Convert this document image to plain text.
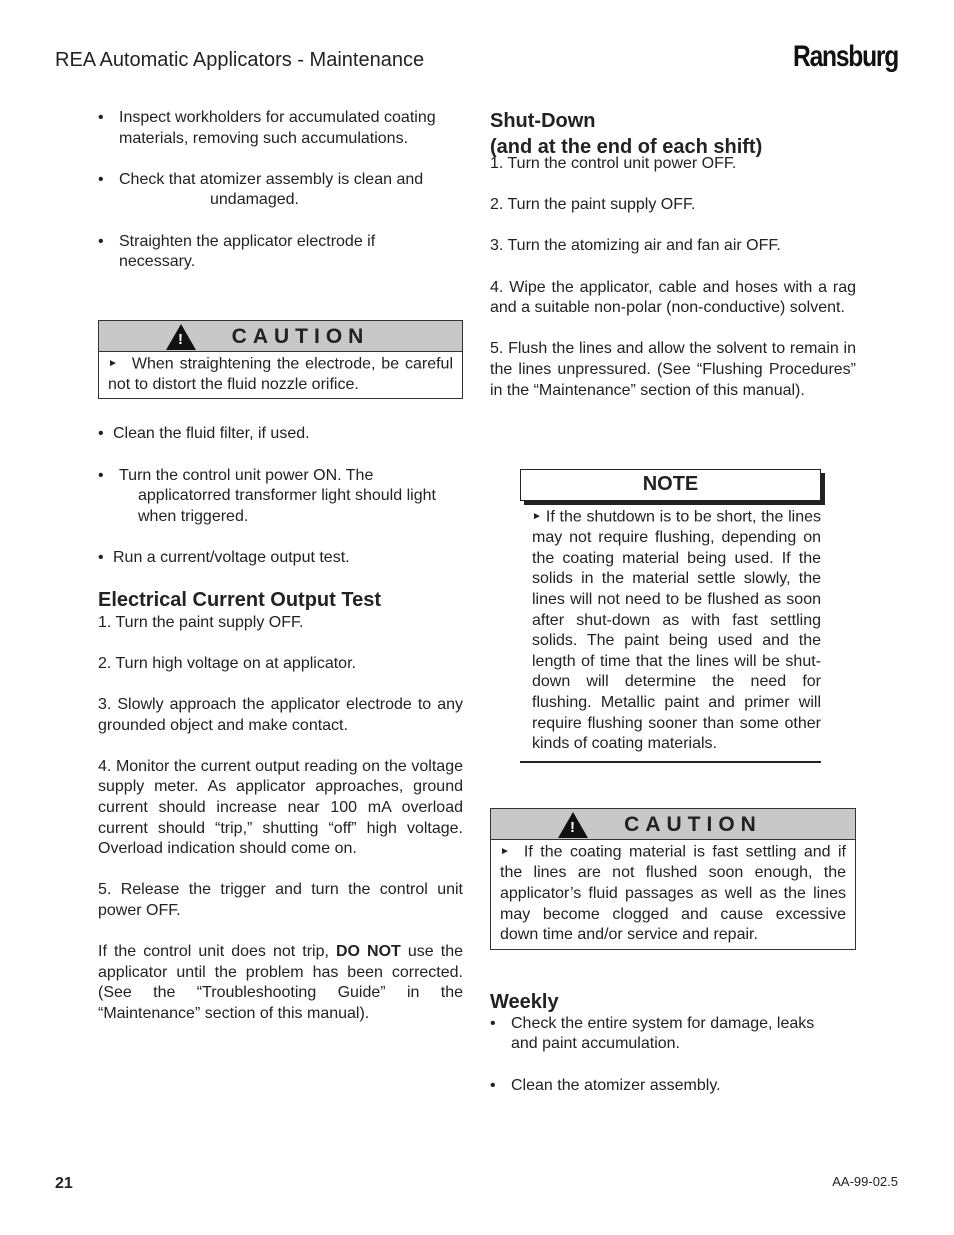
REA Automatic Applicators - Maintenance	Ransburg
• Inspect workholders for accumulated coating
materials, removing such accumulations.
• Check that atomizer assembly is clean and
undamaged.
• Straighten the applicator electrode if
necessary.
! CAUTION
► When straightening the electrode, be careful not to distort the fluid nozzle orifice.
• Clean the fluid filter, if used.
• Turn the control unit power ON. The
applicatorred transformer light should light
when triggered.
• Run a current/voltage output test.
Electrical Current Output Test
1. Turn the paint supply OFF.
2. Turn high voltage on at applicator.
3. Slowly approach the applicator electrode to any grounded object and make contact.
4. Monitor the current output reading on the voltage supply meter. As applicator approaches, ground current should increase near 100 mA overload current should “trip,” shutting “off” high voltage. Overload indication should come on.
5. Release the trigger and turn the control unit power OFF.
If the control unit does not trip, DO NOT use the applicator until the problem has been corrected. (See the “Troubleshooting Guide” in the “Maintenance” section of this manual).
Shut-Down
(and at the end of each shift)
1. Turn the control unit power OFF.
2. Turn the paint supply OFF.
3. Turn the atomizing air and fan air OFF.
4. Wipe the applicator, cable and hoses with a rag and a suitable non-polar (non-conductive) solvent.
5. Flush the lines and allow the solvent to remain in the lines unpressured. (See “Flushing Procedures” in the “Maintenance” section of this manual).
NOTE
► If the shutdown is to be short, the lines may not require flushing, depending on the coating material being used. If the solids in the material settle slowly, the lines will not need to be flushed as soon after shut-down as with fast settling solids. The paint being used and the length of time that the lines will be shut-down will determine the need for flushing. Metallic paint and primer will require flushing sooner than some other kinds of coating materials.
! CAUTION
► If the coating material is fast settling and if the lines are not flushed soon enough, the applicator’s fluid passages as well as the lines may become clogged and cause excessive down time and/or service and repair.
Weekly
• Check the entire system for damage, leaks
and paint accumulation.
• Clean the atomizer assembly.
21	AA-99-02.5
